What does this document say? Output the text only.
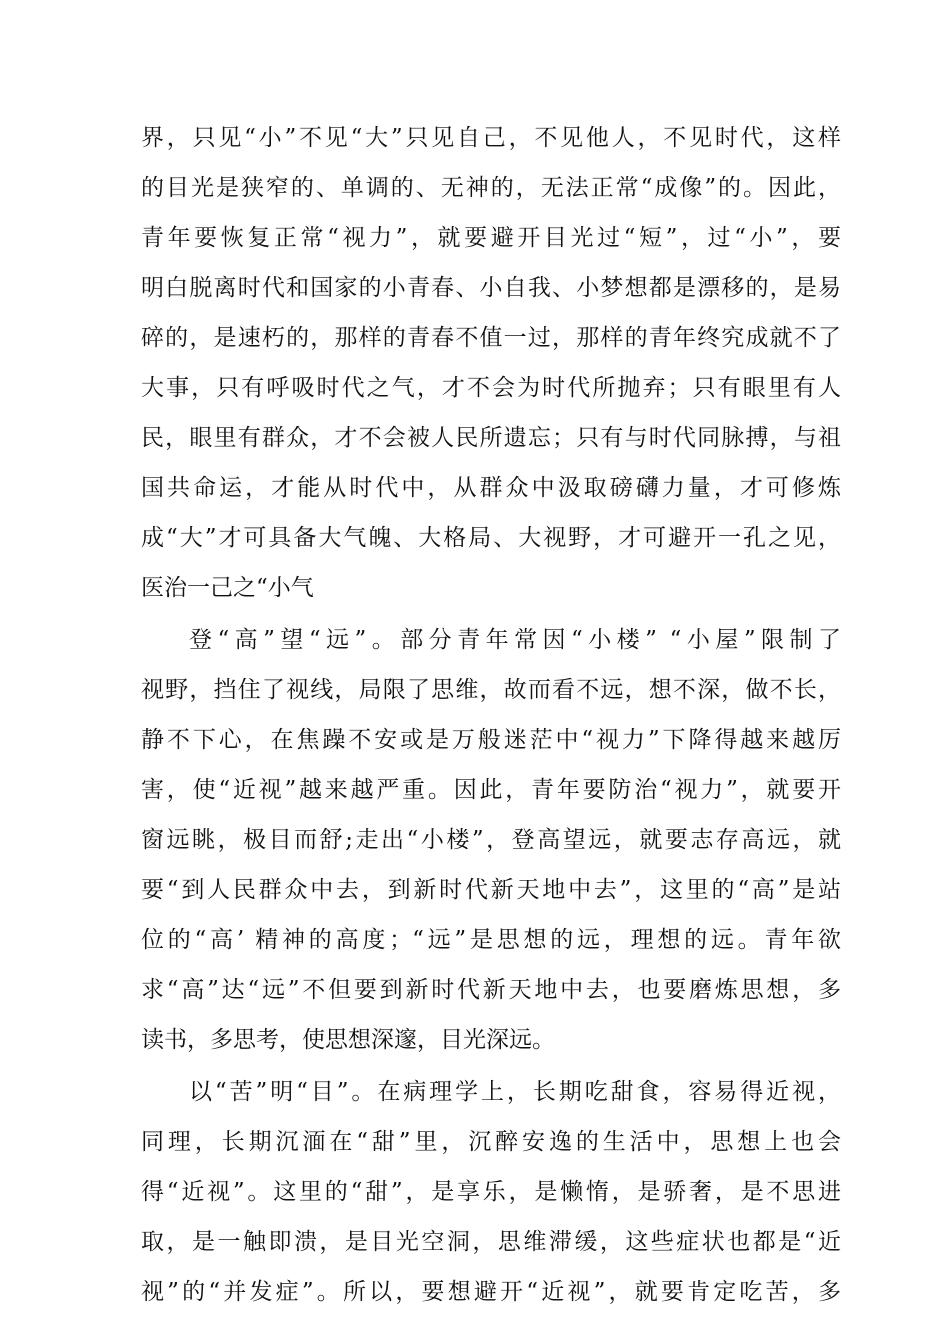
界，只见“小”不见“大”只见自己，不见他人，不见时代，这样
的目光是狭窄的、单调的、无神的，无法正常“成像”的。因此，
青年要恢复正常“视力”，就要避开目光过“短”，过“小”，要
明白脱离时代和国家的小青春、小自我、小梦想都是漂移的，是易
碎的，是速朽的，那样的青春不值一过，那样的青年终究成就不了
大事，只有呼吸时代之气，才不会为时代所抛弃；只有眼里有人
民，眼里有群众，才不会被人民所遗忘；只有与时代同脉搏，与祖
国共命运，才能从时代中，从群众中汲取磅礴力量，才可修炼
成“大”才可具备大气魄、大格局、大视野，才可避开一孔之见，
医治一己之“小气
登“高”望“远”。部分青年常因“小楼” “小屋”限制了
视野，挡住了视线，局限了思维，故而看不远，想不深，做不长，
静不下心，在焦躁不安或是万般迷茫中“视力”下降得越来越厉
害，使“近视”越来越严重。因此，青年要防治“视力”，就要开
窗远眺，极目而舒;走出“小楼”，登高望远，就要志存高远，就
要“到人民群众中去，到新时代新天地中去”，这里的“高”是站
位的“高’ 精神的高度；“远”是思想的远，理想的远。青年欲
求“高”达“远”不但要到新时代新天地中去，也要磨炼思想，多
读书，多思考，使思想深邃，目光深远。
以“苦”明“目”。在病理学上，长期吃甜食，容易得近视，
同理，长期沉湎在“甜”里，沉醉安逸的生活中，思想上也会
得“近视”。这里的“甜”，是享乐，是懒惰，是骄奢，是不思进
取，是一触即溃，是目光空洞，思维滞缓，这些症状也都是“近
视”的“并发症”。所以，要想避开“近视”，就要肯定吃苦，多
